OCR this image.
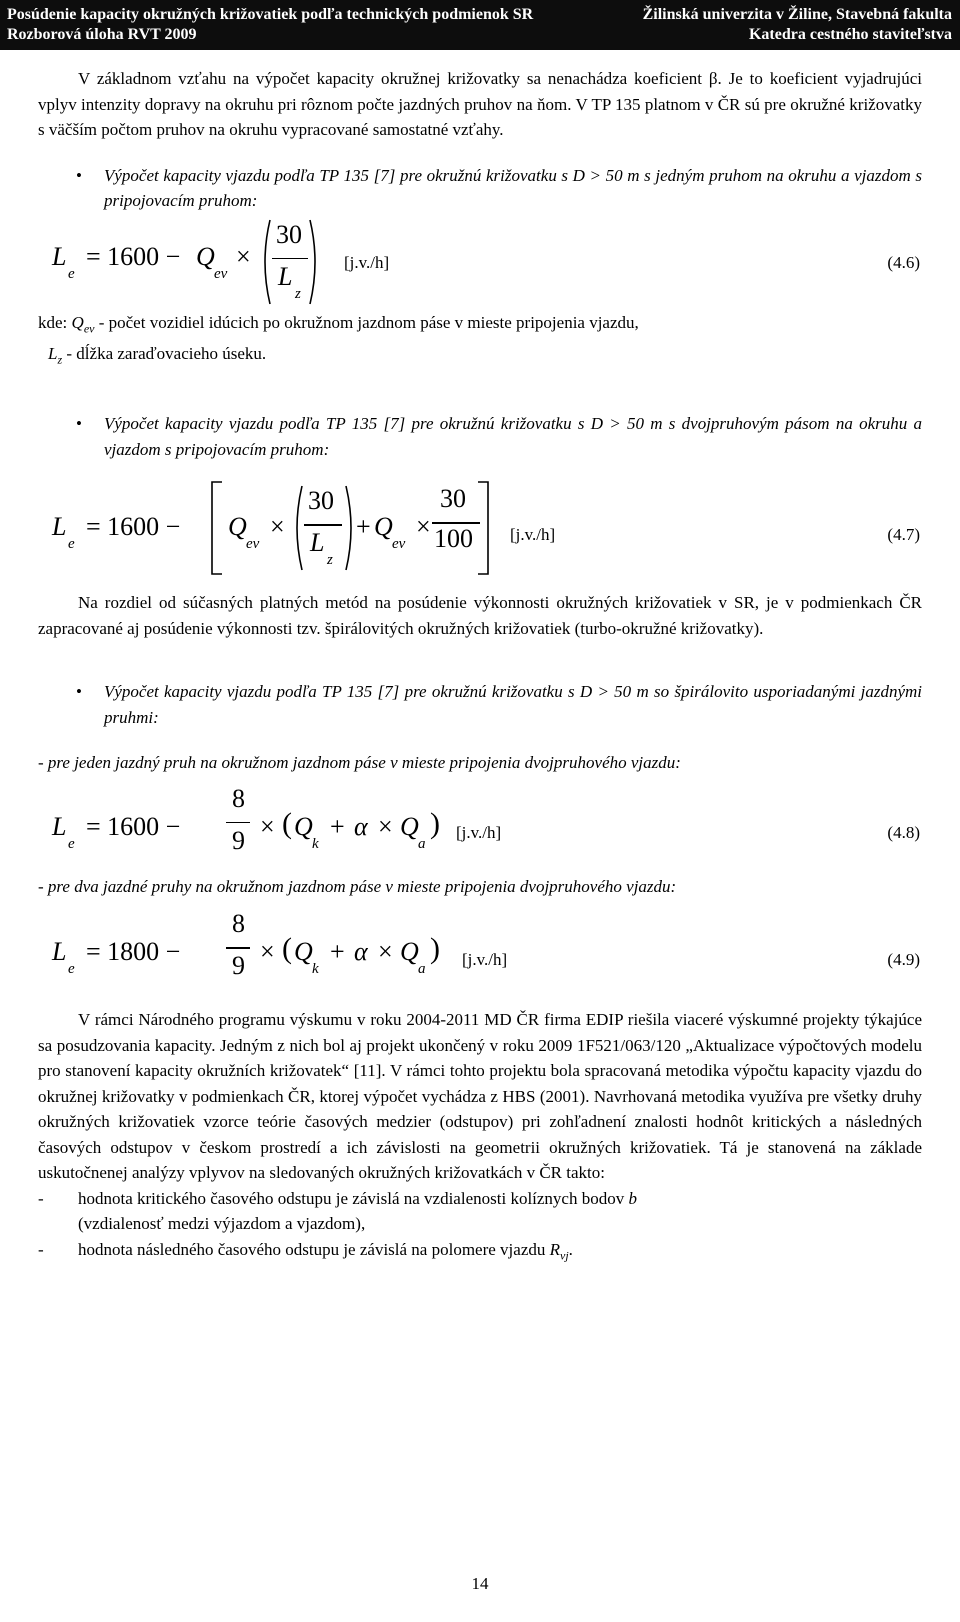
Posúdenie kapacity okružných križovatiek podľa technických podmienok SR
Rozborová úloha RVT 2009
Žilinská univerzita v Žiline, Stavebná fakulta
Katedra cestného staviteľstva

V základnom vzťahu na výpočet kapacity okružnej križovatky sa nenachádza koeficient β. Je to koeficient vyjadrujúci vplyv intenzity dopravy na okruhu pri rôznom počte jazdných pruhov na ňom. V TP 135 platnom v ČR sú pre okružné križovatky s väčším počtom pruhov na okruhu vypracované samostatné vzťahy.

• Výpočet kapacity vjazdu podľa TP 135 [7] pre okružnú križovatku s D > 50 m s jedným pruhom na okruhu a vjazdom s pripojovacím pruhom:

L
e
= 1600 − Q
ev
×
30
L
z
[j.v./h]	(4.6)

kde: $Q_{ev}$ - počet vozidiel idúcich po okružnom jazdnom páse v mieste pripojenia vjazdu,

$L_z$ - dĺžka zaraďovacieho úseku.

• Výpočet kapacity vjazdu podľa TP 135 [7] pre okružnú križovatku s D > 50 m s dvojpruhovým pásom na okruhu a vjazdom s pripojovacím pruhom:

L
e
= 1600 − Q
ev
×
30
L
z
+ Q
ev
×
30
100 [j.v./h]	(4.7)

Na rozdiel od súčasných platných metód na posúdenie výkonnosti okružných križovatiek v SR, je v podmienkach ČR zapracované aj posúdenie výkonnosti tzv. špirálovitých okružných križovatiek (turbo-okružné križovatky).

• Výpočet kapacity vjazdu podľa TP 135 [7] pre okružnú križovatku s D > 50 m so špirálovito usporiadanými jazdnými pruhmi:

- pre jeden jazdný pruh na okružnom jazdnom páse v mieste pripojenia dvojpruhového vjazdu:

L
e
= 1600 −
8
9 × ( Q
k
+ α × Q
a
) [j.v./h]	(4.8)

- pre dva jazdné pruhy na okružnom jazdnom páse v mieste pripojenia dvojpruhového vjazdu:

L
e
= 1800 −
8
9 × ( Q
k
+ α × Q
a
) [j.v./h]	(4.9)

V rámci Národného programu výskumu v roku 2004-2011 MD ČR firma EDIP riešila viaceré výskumné projekty týkajúce sa posudzovania kapacity. Jedným z nich bol aj projekt ukončený v roku 2009 1F521/063/120 „Aktualizace výpočtových modelu pro stanovení kapacity okružních križovatek“ [11]. V rámci tohto projektu bola spracovaná metodika výpočtu kapacity vjazdu do okružnej križovatky v podmienkach ČR, ktorej výpočet vychádza z HBS (2001). Navrhovaná metodika využíva pre všetky druhy okružných križovatiek vzorce teórie časových medzier (odstupov) pri zohľadnení znalosti hodnôt kritických a následných časových odstupov v českom prostredí a ich závislosti na geometrii okružných križovatiek. Tá je stanovená na základe uskutočnenej analýzy vplyvov na sledovaných okružných križovatkách v ČR takto:

- hodnota kritického časového odstupu je závislá na vzdialenosti kolíznych bodov b
(vzdialenosť medzi výjazdom a vjazdom),
- hodnota následného časového odstupu je závislá na polomere vjazdu $R_{vj}$.
14
